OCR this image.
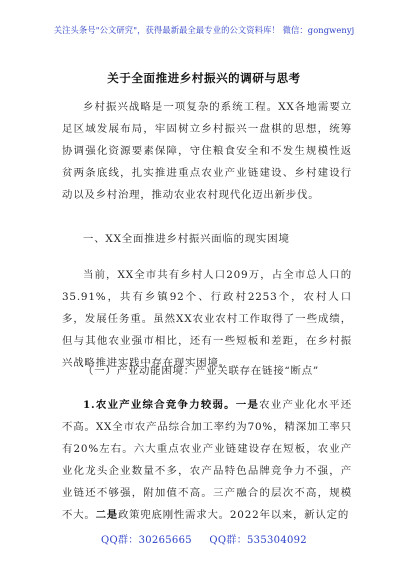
关注头条号"公文研究"，获得最新最全最专业的公文资料库！ 微信：gongwenyj
关于全面推进乡村振兴的调研与思考

乡村振兴战略是一项复杂的系统工程。XX各地需要立足区域发展布局，牢固树立乡村振兴一盘棋的思想，统筹协调强化资源要素保障，守住粮食安全和不发生规模性返贫两条底线，扎实推进重点农业产业链建设、乡村建设行动以及乡村治理，推动农业农村现代化迈出新步伐。

一、XX全面推进乡村振兴面临的现实困境

当前，XX全市共有乡村人口209万，占全市总人口的35.91%，共有乡镇92个、行政村2253个，农村人口多，发展任务重。虽然XX农业农村工作取得了一些成绩，但与其他农业强市相比，还有一些短板和差距，在乡村振兴战略推进实践中存在现实困境。

（一）产业动能困境：产业关联存在链接“断点”

1.农业产业综合竞争力较弱。一是农业产业化水平还不高。XX全市农产品综合加工率约为70%，精深加工率只有20%左右。六大重点农业产业链建设存在短板，农业产业化龙头企业数量不多，农产品特色品牌竞争力不强，产业链还不够强，附加值不高。三产融合的层次不高，规模不大。二是政策兜底刚性需求大。2022年以来，新认定的

QQ群：30265665 QQ群：535304092
